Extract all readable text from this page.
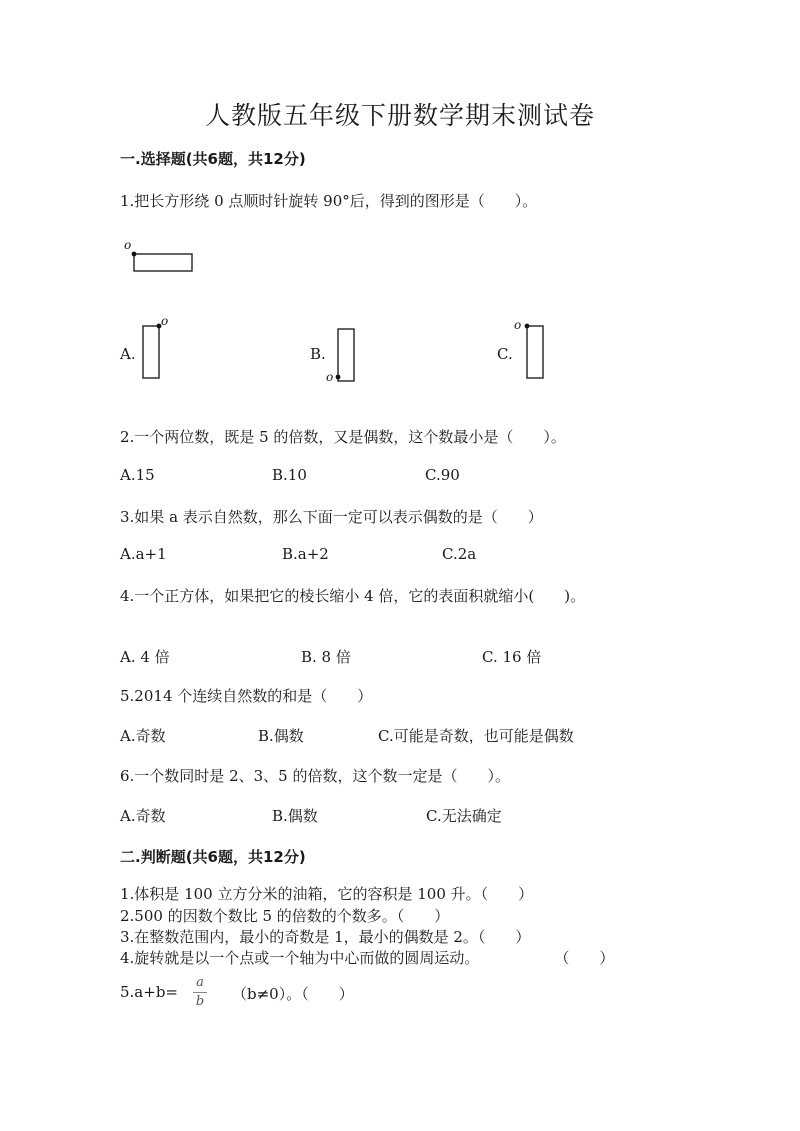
人教版五年级下册数学期末测试卷
一.选择题(共6题，共12分)
1.把长方形绕 0 点顺时针旋转 90°后，得到的图形是（　　）。
o
A.
o
B.
o
C.
o
2.一个两位数，既是 5 的倍数，又是偶数，这个数最小是（　　）。
A.15	B.10	C.90
3.如果 a 表示自然数，那么下面一定可以表示偶数的是（　　）
A.a+1	B.a+2	C.2a
4.一个正方体，如果把它的棱长缩小 4 倍，它的表面积就缩小(　　)。
A. 4 倍	B. 8 倍	C. 16 倍
5.2014 个连续自然数的和是（　　）
A.奇数	B.偶数	C.可能是奇数，也可能是偶数
6.一个数同时是 2、3、5 的倍数，这个数一定是（　　）。
A.奇数	B.偶数	C.无法确定
二.判断题(共6题，共12分)
1.体积是 100 立方分米的油箱，它的容积是 100 升。（　　）
2.500 的因数个数比 5 的倍数的个数多。（　　）
3.在整数范围内，最小的奇数是 1，最小的偶数是 2。（　　）
4.旋转就是以一个点或一个轴为中心而做的圆周运动。　　　　　　（　　）
5.a+b=
a
b	（b≠0）。（　　）
